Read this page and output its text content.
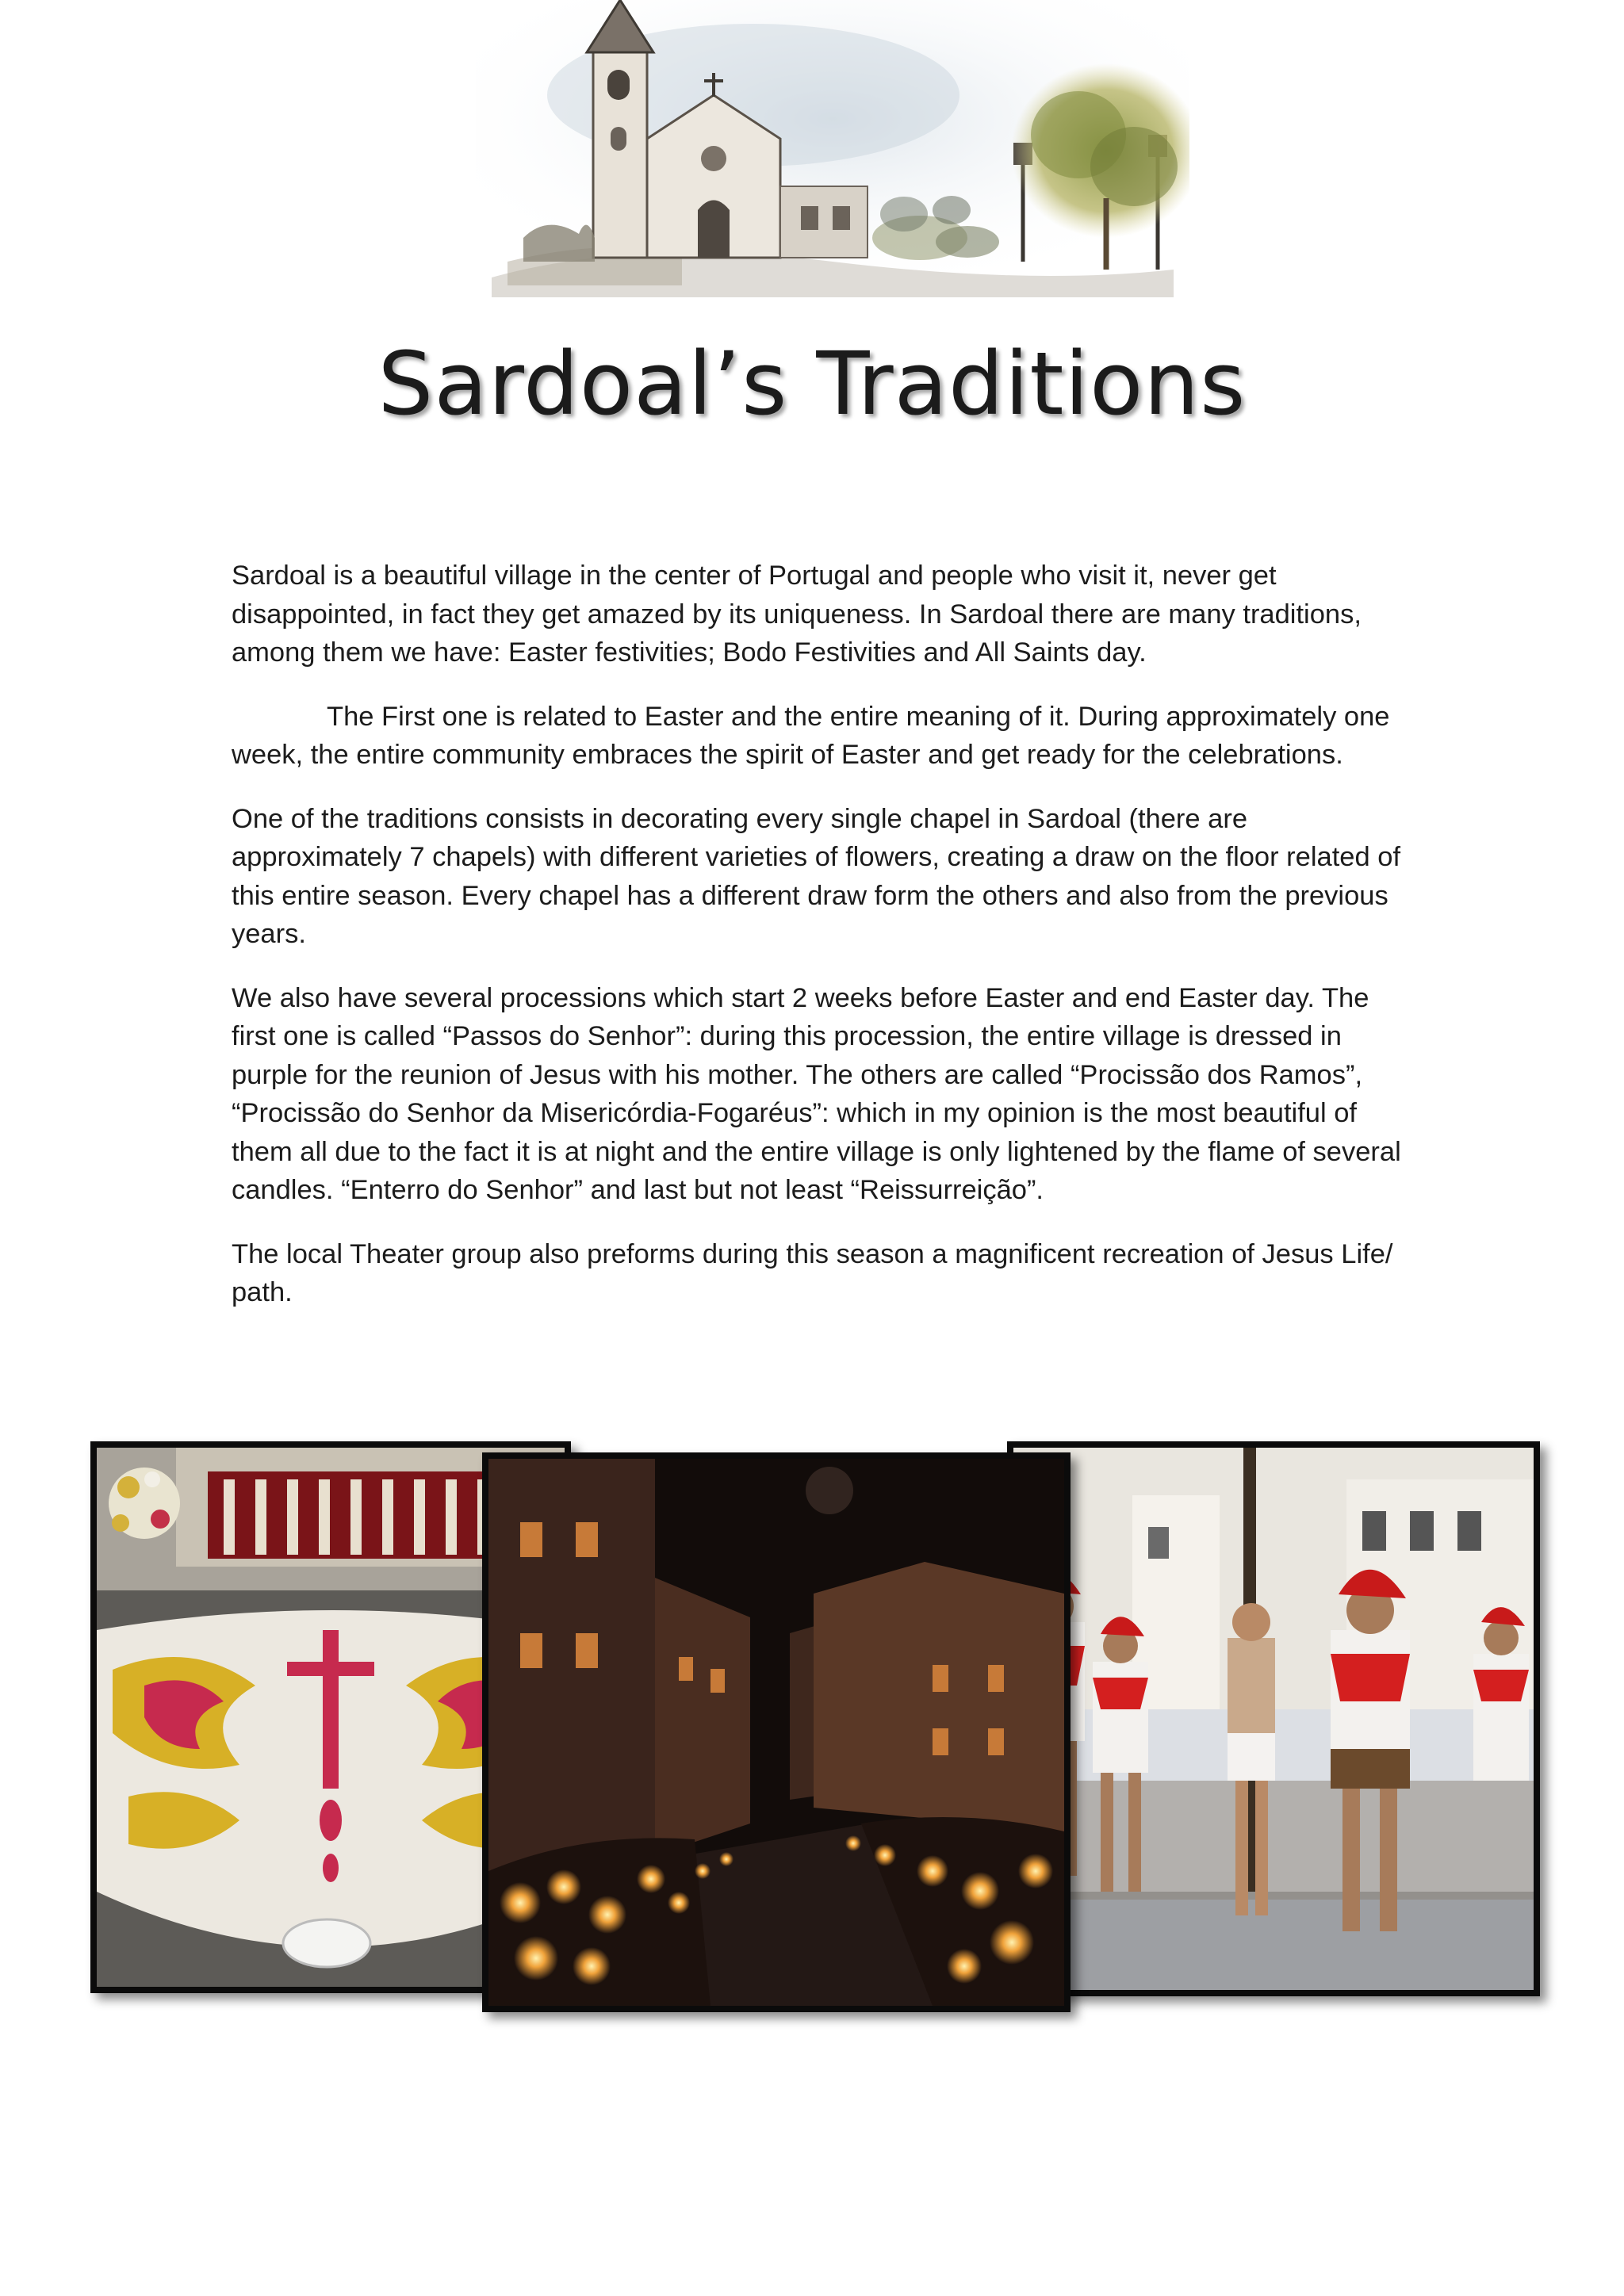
Sardoal’s Traditions

Sardoal is a beautiful village in the center of Portugal and people who visit it, never get disappointed, in fact they get amazed by its uniqueness. In Sardoal there are many traditions, among them we have: Easter festivities; Bodo Festivities and All Saints day.

The First one is related to Easter and the entire meaning of it. During approximately one week, the entire community embraces the spirit of Easter and get ready for the celebrations.

One of the traditions consists in decorating every single chapel in Sardoal (there are approximately 7 chapels) with different varieties of flowers, creating a draw on the floor related of this entire season. Every chapel has a different draw form the others and also from the previous years.

We also have several processions which start 2 weeks before Easter and end Easter day. The first one is called “Passos do Senhor”: during this procession, the entire village is dressed in purple for the reunion of Jesus with his mother. The others are called “Procissão dos Ramos”, “Procissão do Senhor da Misericórdia-Fogaréus”: which in my opinion is the most beautiful of them all due to the fact it is at night and the entire village is only lightened by the flame of several candles. “Enterro do Senhor” and last but not least “Reissurreição”.

The local Theater group also preforms during this season a magnificent recreation of Jesus Life/ path.
